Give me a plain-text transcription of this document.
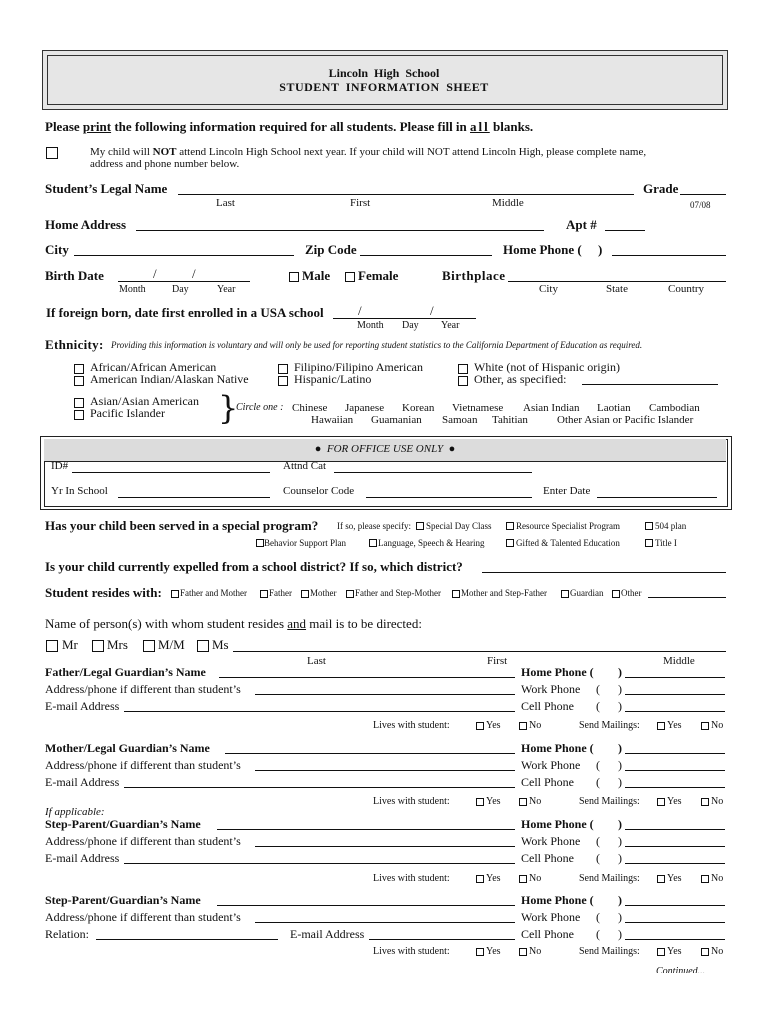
Lincoln High School
STUDENT INFORMATION SHEET
Please print the following information required for all students. Please fill in all blanks.
My child will NOT attend Lincoln High School next year. If your child will NOT attend Lincoln High, please complete name,
address and phone number below.
Student’s Legal Name	Grade
Last	First	Middle	07/08
Home Address	Apt #
City	Zip Code	Home Phone (     )
Birth Date	/	/	Male Female	Birthplace
Month	Day	Year	City	State	Country
If foreign born, date first enrolled in a USA school	/	/
Month Day Year
Ethnicity: Providing this information is voluntary and will only be used for reporting student statistics to the California Department of Education as required.
African/African American
American Indian/Alaskan Native
Filipino/Filipino American
Hispanic/Latino
White (not of Hispanic origin)
Other, as specified:
Asian/Asian American
Pacific Islander }
Circle one : Chinese Japanese Korean Vietnamese Asian Indian Laotian Cambodian
Hawaiian Guamanian Samoan Tahitian	Other Asian or Pacific Islander
●  FOR OFFICE USE ONLY  ●
ID#	Attnd Cat
Yr In School	Counselor Code	Enter Date
Has your child been served in a special program? If so, please specify: Special Day Class	Resource Specialist Program	504 plan
Behavior Support Plan	Language, Speech & Hearing	Gifted & Talented Education	Title I
Is your child currently expelled from a school district? If so, which district?
Student resides with: Father and Mother Father Mother Father and Step-Mother Mother and Step-Father	Guardian Other
Name of person(s) with whom student resides and mail is to be directed:
Mr Mrs M/M Ms
Last	First	Middle
Father/Legal Guardian’s Name	Home Phone ( )
Address/phone if different than student’s	Work Phone ( )
E-mail Address	Cell Phone ( )
Lives with student:	Yes	No	Send Mailings:	Yes	No
Mother/Legal Guardian’s Name	Home Phone ( )
Address/phone if different than student’s	Work Phone ( )
E-mail Address	Cell Phone ( )
Lives with student:	Yes	No	Send Mailings:	Yes	No
If applicable:
Step-Parent/Guardian’s Name	Home Phone ( )
Address/phone if different than student’s	Work Phone ( )
E-mail Address	Cell Phone ( )
Lives with student:	Yes	No	Send Mailings:	Yes	No
Step-Parent/Guardian’s Name	Home Phone ( )
Address/phone if different than student’s	Work Phone ( )
Relation:	E-mail Address	Cell Phone ( )
Lives with student:	Yes	No	Send Mailings:	Yes	No
Continued...
